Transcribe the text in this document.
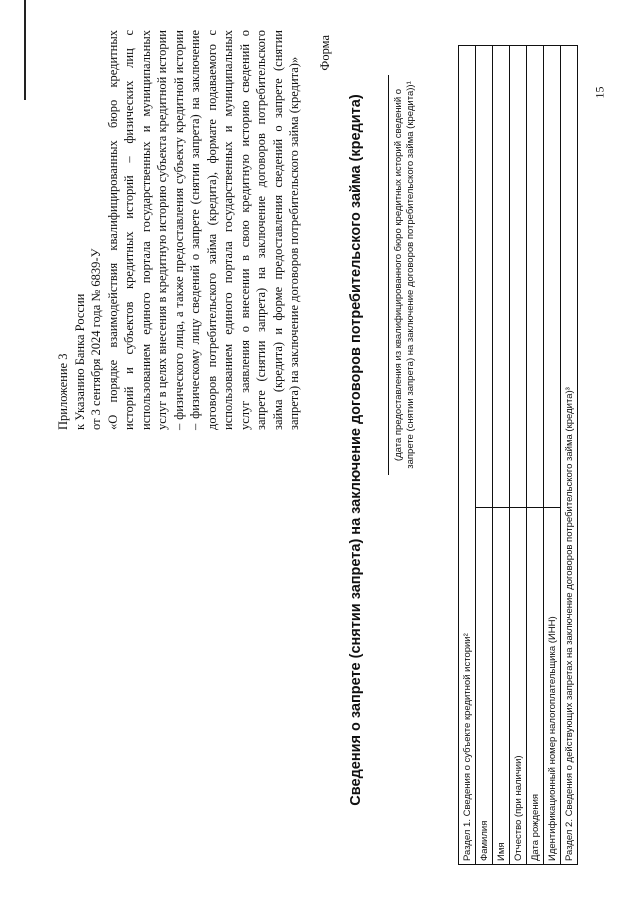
15
Приложение 3 к Указанию Банка России от 3 сентября 2024 года № 6839-У «О порядке взаимодействия квалифицированных бюро кредитных историй и субъектов кредитных историй – физических лиц с использованием единого портала государственных и муниципальных услуг в целях внесения в кредитную историю субъекта кредитной истории – физического лица, а также предоставления субъекту кредитной истории – физическому лицу сведений о запрете (снятии запрета) на заключение договоров потребительского займа (кредита), формате подаваемого с использованием единого портала государственных и муниципальных услуг заявления о внесении в свою кредитную историю сведений о запрете (снятии запрета) на заключение договоров потребительского займа (кредита) и форме предоставления сведений о запрете (снятии запрета) на заключение договоров потребительского займа (кредита)»
Форма
Сведения о запрете (снятии запрета) на заключение договоров потребительского займа (кредита)	(дата предоставления из квалифицированного бюро кредитных историй сведений о запрете (снятии запрета) на заключение договоров потребительского займа (кредита))¹
Раздел 1. Сведения о субъекте кредитной истории²	
Фамилия	
Имя	
Отчество (при наличии)	
Дата рождения	
Идентификационный номер налогоплательщика (ИНН)	
Раздел 2. Сведения о действующих запретах на заключение договоров потребительского займа (кредита)³	
